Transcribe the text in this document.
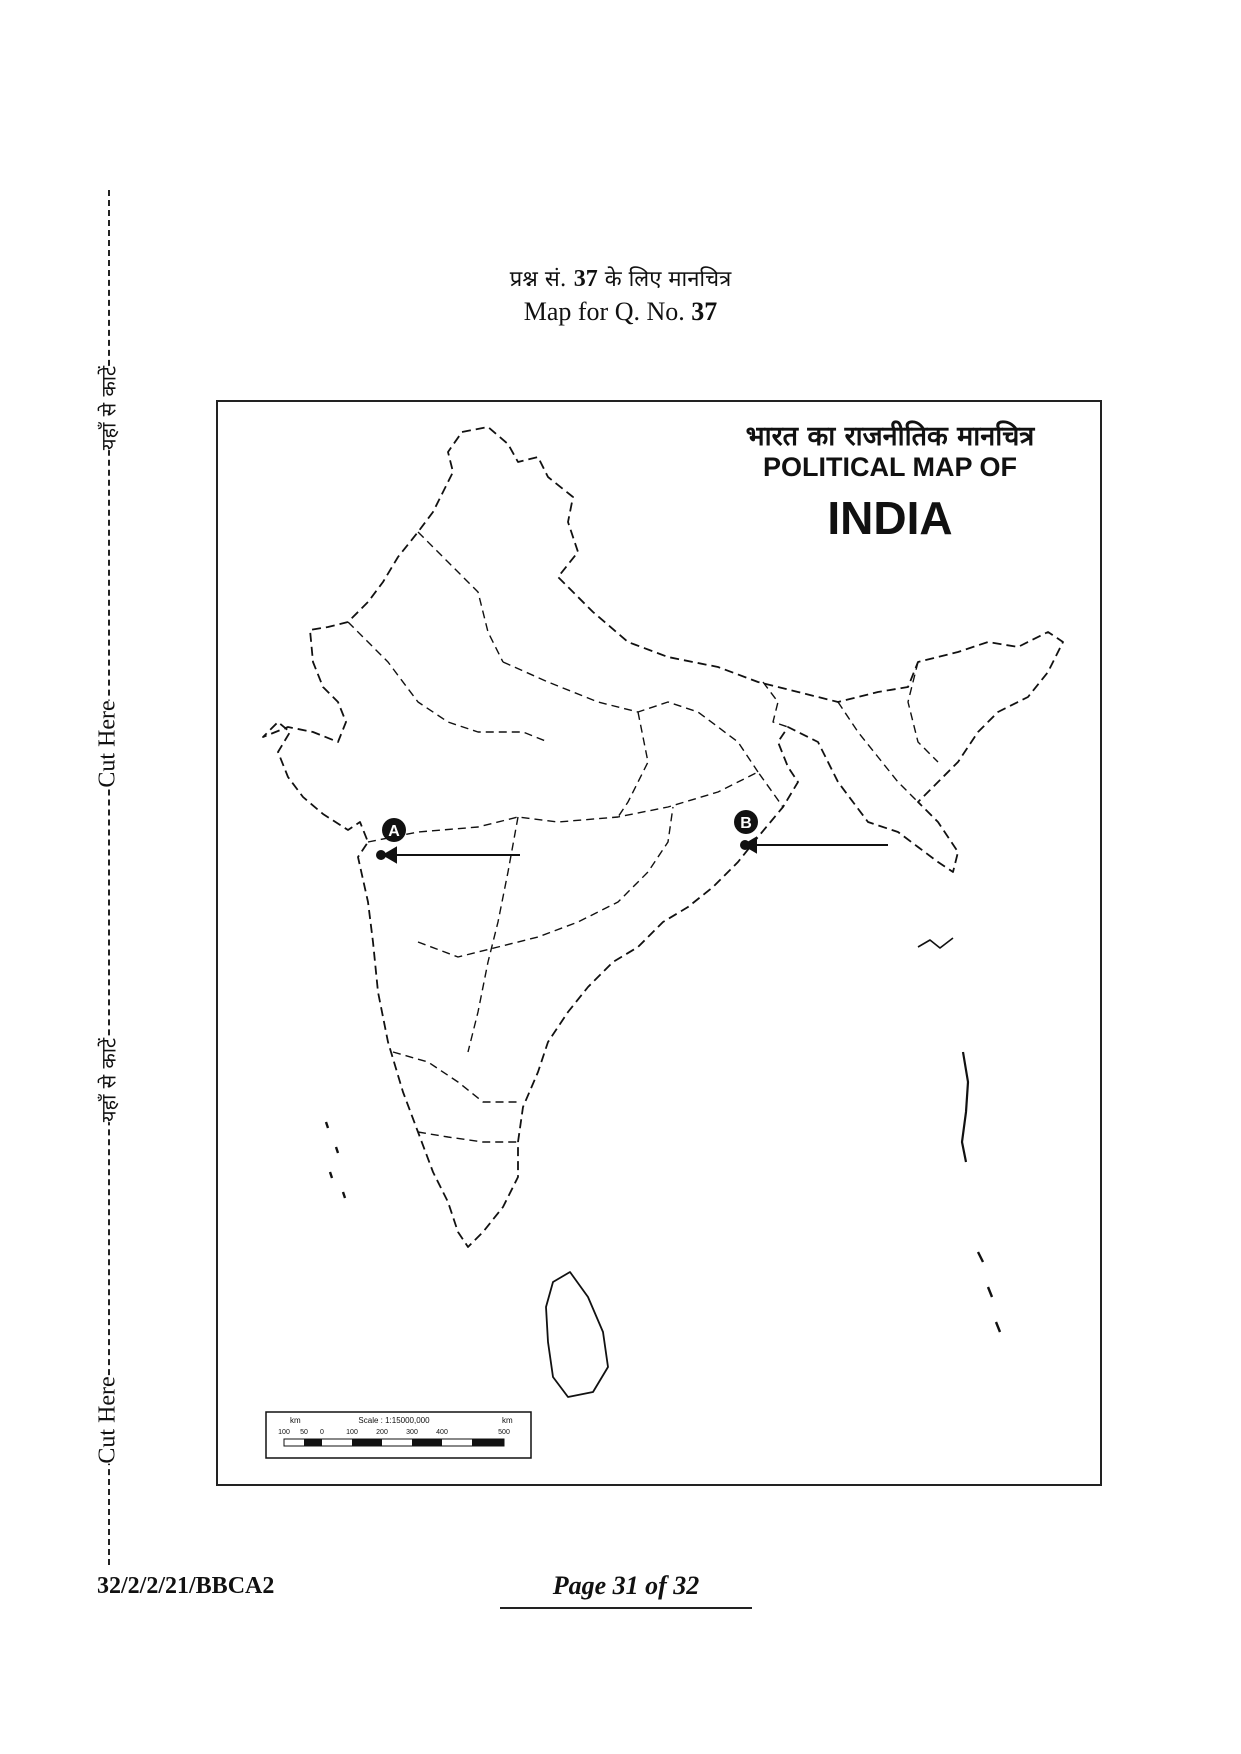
यहाँ से काटें
Cut Here
यहाँ से काटें
Cut Here
प्रश्न सं. 37 के लिए मानचित्र
Map for Q. No. 37
A	B
km	Scale : 1:15000,000	km
100 50 0	100	200	300	400	500
भारत का राजनीतिक मानचित्र
POLITICAL MAP OF
INDIA
32/2/2/21/BBCA2	Page 31 of 32
